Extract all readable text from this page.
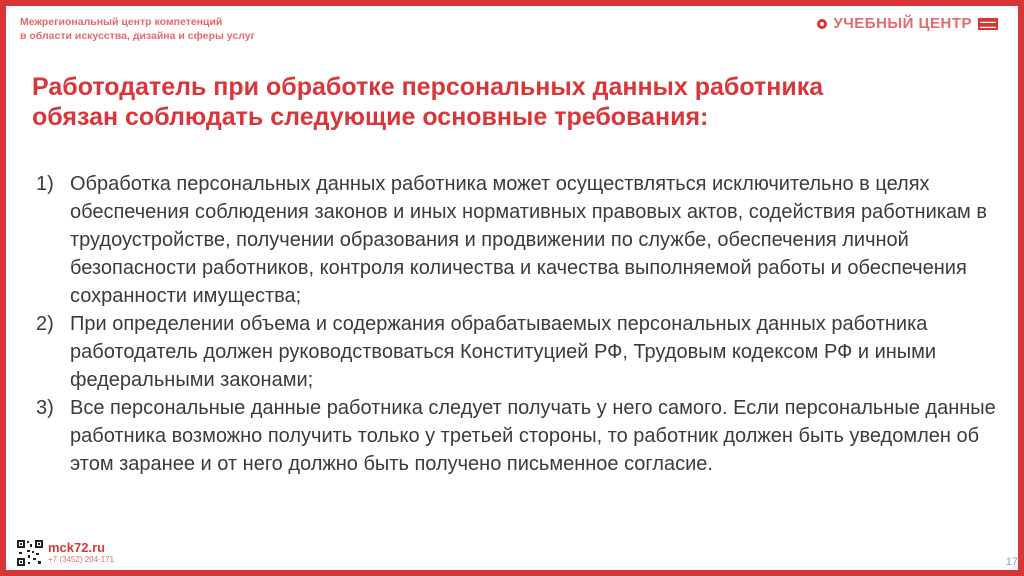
Межрегиональный центр компетенций
в области искусства, дизайна и сферы услуг
УЧЕБНЫЙ ЦЕНТР ▬▬▬▬
▬▬▬▬
Работодатель при обработке персональных данных работника
обязан соблюдать следующие основные требования:
1) Обработка персональных данных работника может осуществляться исключительно в целях обеспечения соблюдения законов и иных нормативных правовых актов, содействия работникам в трудоустройстве, получении образования и продвижении по службе, обеспечения личной безопасности работников, контроля количества и качества выполняемой работы и обеспечения сохранности имущества;
2) При определении объема и содержания обрабатываемых персональных данных работника работодатель должен руководствоваться Конституцией РФ, Трудовым кодексом РФ и иными федеральными законами;
3) Все персональные данные работника следует получать у него самого. Если персональные данные работника возможно получить только у третьей стороны, то работник должен быть уведомлен об этом заранее и от него должно быть получено письменное согласие.
mck72.ru
+7 (3452) 204-171	17
